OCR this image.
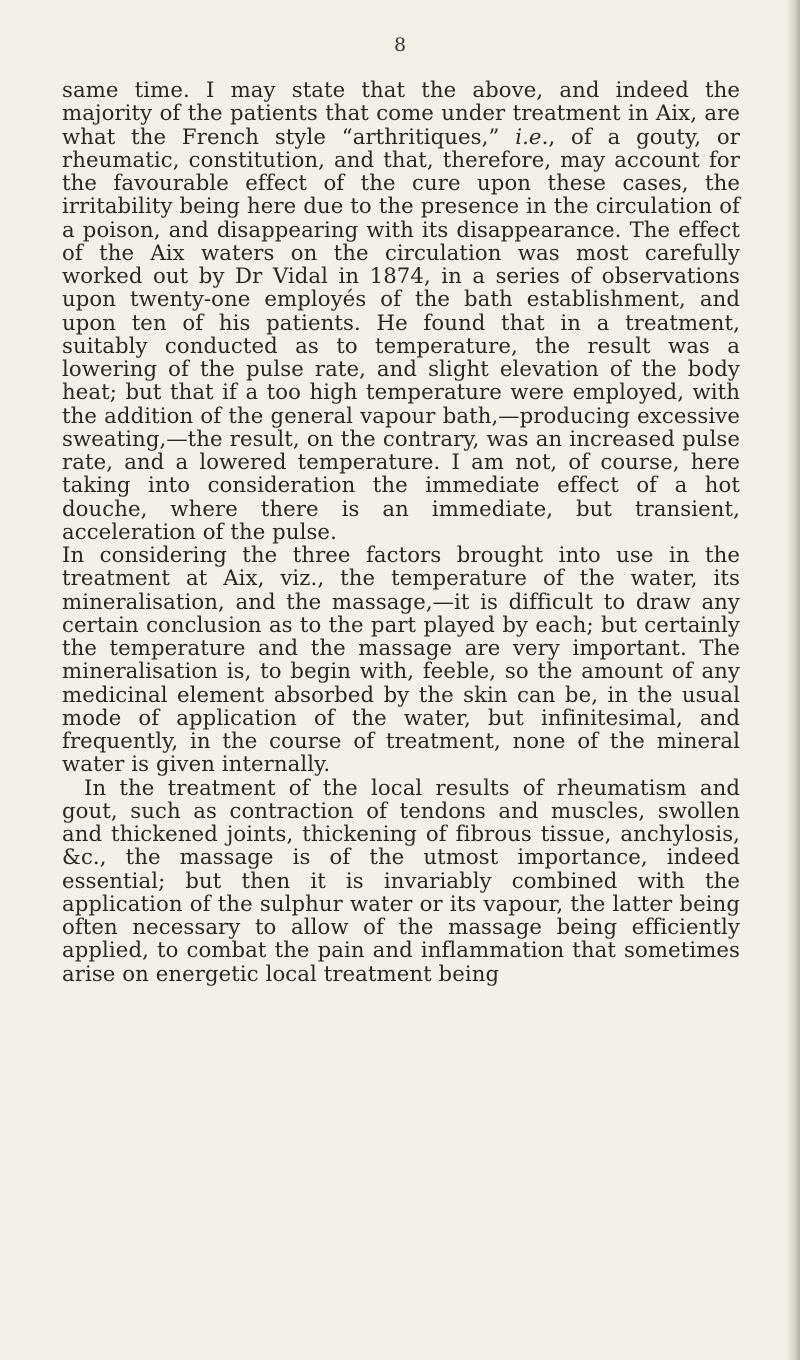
8

same time. I may state that the above, and indeed the majority of the patients that come under treatment in Aix, are what the French style “arthritiques,” i.e., of a gouty, or rheumatic, constitution, and that, therefore, may account for the favourable effect of the cure upon these cases, the irritability being here due to the presence in the circulation of a poison, and disappearing with its disappearance. The effect of the Aix waters on the circulation was most carefully worked out by Dr Vidal in 1874, in a series of observations upon twenty-one employés of the bath establishment, and upon ten of his patients. He found that in a treatment, suitably conducted as to temperature, the result was a lowering of the pulse rate, and slight elevation of the body heat; but that if a too high temperature were employed, with the addition of the general vapour bath,—producing excessive sweating,—the result, on the contrary, was an increased pulse rate, and a lowered temperature. I am not, of course, here taking into consideration the immediate effect of a hot douche, where there is an immediate, but transient, acceleration of the pulse.

In considering the three factors brought into use in the treatment at Aix, viz., the temperature of the water, its mineralisation, and the massage,—it is difficult to draw any certain conclusion as to the part played by each; but certainly the temperature and the massage are very important. The mineralisation is, to begin with, feeble, so the amount of any medicinal element absorbed by the skin can be, in the usual mode of application of the water, but infinitesimal, and frequently, in the course of treatment, none of the mineral water is given internally.

In the treatment of the local results of rheumatism and gout, such as contraction of tendons and muscles, swollen and thickened joints, thickening of fibrous tissue, anchylosis, &c., the massage is of the utmost importance, indeed essential; but then it is invariably combined with the application of the sulphur water or its vapour, the latter being often necessary to allow of the massage being efficiently applied, to combat the pain and inflammation that sometimes arise on energetic local treatment being
